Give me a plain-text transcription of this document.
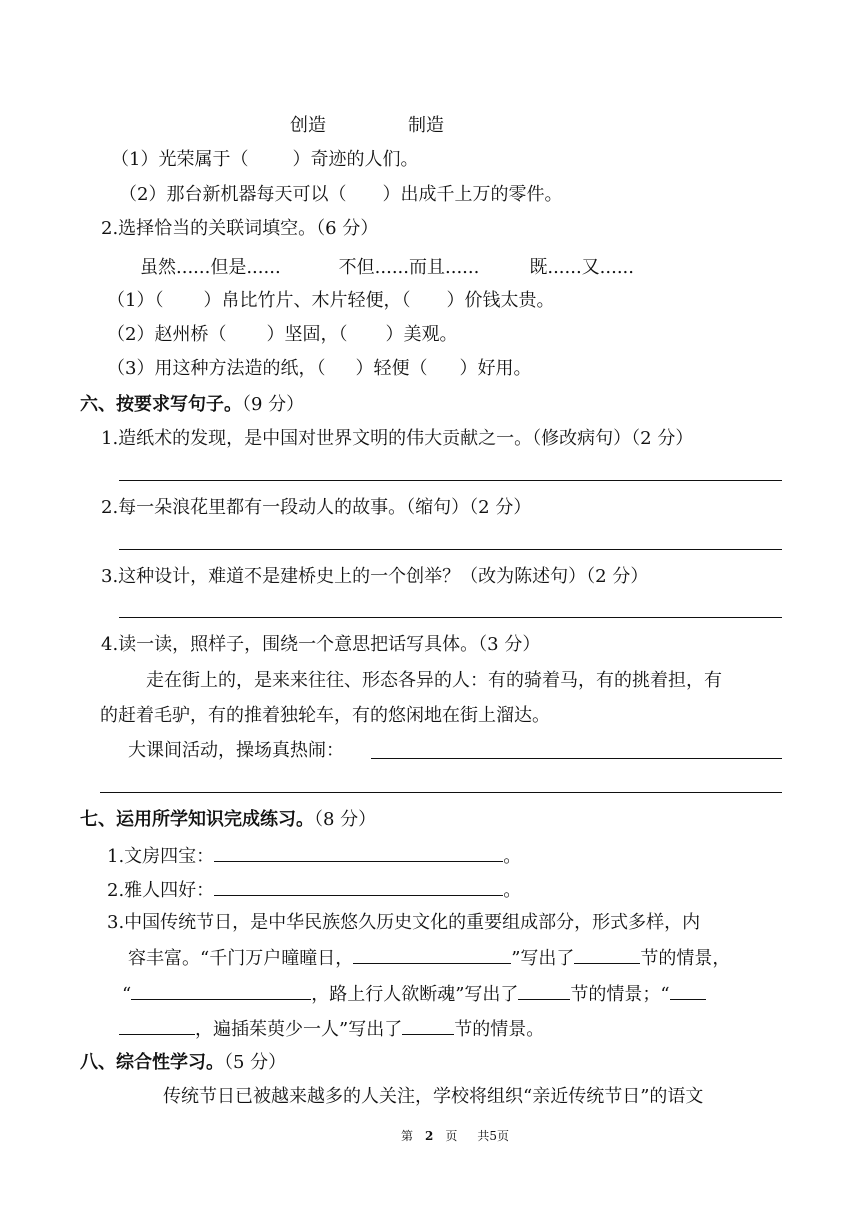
创造	制造
（1）光荣属于（ ）奇迹的人们。
（2）那台新机器每天可以（ ）出成千上万的零件。
2.选择恰当的关联词填空。（6 分）
虽然......但是......	不但......而且......	既......又......
（1）（ ）帛比竹片、木片轻便，（ ）价钱太贵。
（2）赵州桥（ ）坚固，（ ）美观。
（3）用这种方法造的纸，（ ）轻便（ ）好用。
六、按要求写句子。（9 分）
1.造纸术的发现，是中国对世界文明的伟大贡献之一。（修改病句）（2 分）
2.每一朵浪花里都有一段动人的故事。（缩句）（2 分）
3.这种设计，难道不是建桥史上的一个创举？（改为陈述句）（2 分）
4.读一读，照样子，围绕一个意思把话写具体。（3 分）
走在街上的，是来来往往、形态各异的人：有的骑着马，有的挑着担，有
的赶着毛驴，有的推着独轮车，有的悠闲地在街上溜达。
大课间活动，操场真热闹：
七、运用所学知识完成练习。（8 分）
1.文房四宝：	。
2.雅人四好：	。
3.中国传统节日，是中华民族悠久历史文化的重要组成部分，形式多样，内
容丰富。“千门万户曈曈日，	”写出了	节的情景，
“	，路上行人欲断魂”写出了	节的情景；“
，遍插茱萸少一人”写出了	节的情景。
八、综合性学习。（5 分）
传统节日已被越来越多的人关注，学校将组织“亲近传统节日”的语文
第 2 页 共5页
